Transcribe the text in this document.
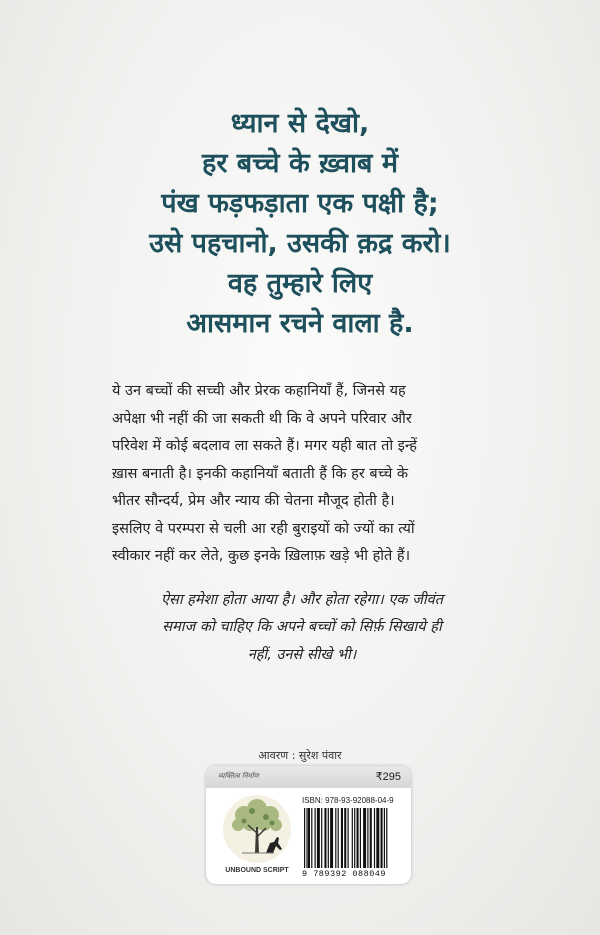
ध्यान से देखो,
हर बच्चे के ख़्वाब में
पंख फड़फड़ाता एक पक्षी है;
उसे पहचानो, उसकी क़द्र करो।
वह तुम्हारे लिए
आसमान रचने वाला है.
ये उन बच्चों की सच्ची और प्रेरक कहानियाँ हैं, जिनसे यह
अपेक्षा भी नहीं की जा सकती थी कि वे अपने परिवार और
परिवेश में कोई बदलाव ला सकते हैं। मगर यही बात तो इन्हें
ख़ास बनाती है। इनकी कहानियाँ बताती हैं कि हर बच्चे के
भीतर सौन्दर्य, प्रेम और न्याय की चेतना मौजूद होती है।
इसलिए वे परम्परा से चली आ रही बुराइयों को ज्यों का त्यों
स्वीकार नहीं कर लेते, कुछ इनके ख़िलाफ़ खड़े भी होते हैं।
ऐसा हमेशा होता आया है। और होता रहेगा। एक जीवंत
समाज को चाहिए कि अपने बच्चों को सिर्फ़ सिखाये ही
नहीं, उनसे सीखे भी।
आवरण : सुरेश पंवार
व्यक्तित्व निर्माण	₹295
UNBOUND SCRIPT
ISBN: 978-93-92088-04-9
9 789392 088049
